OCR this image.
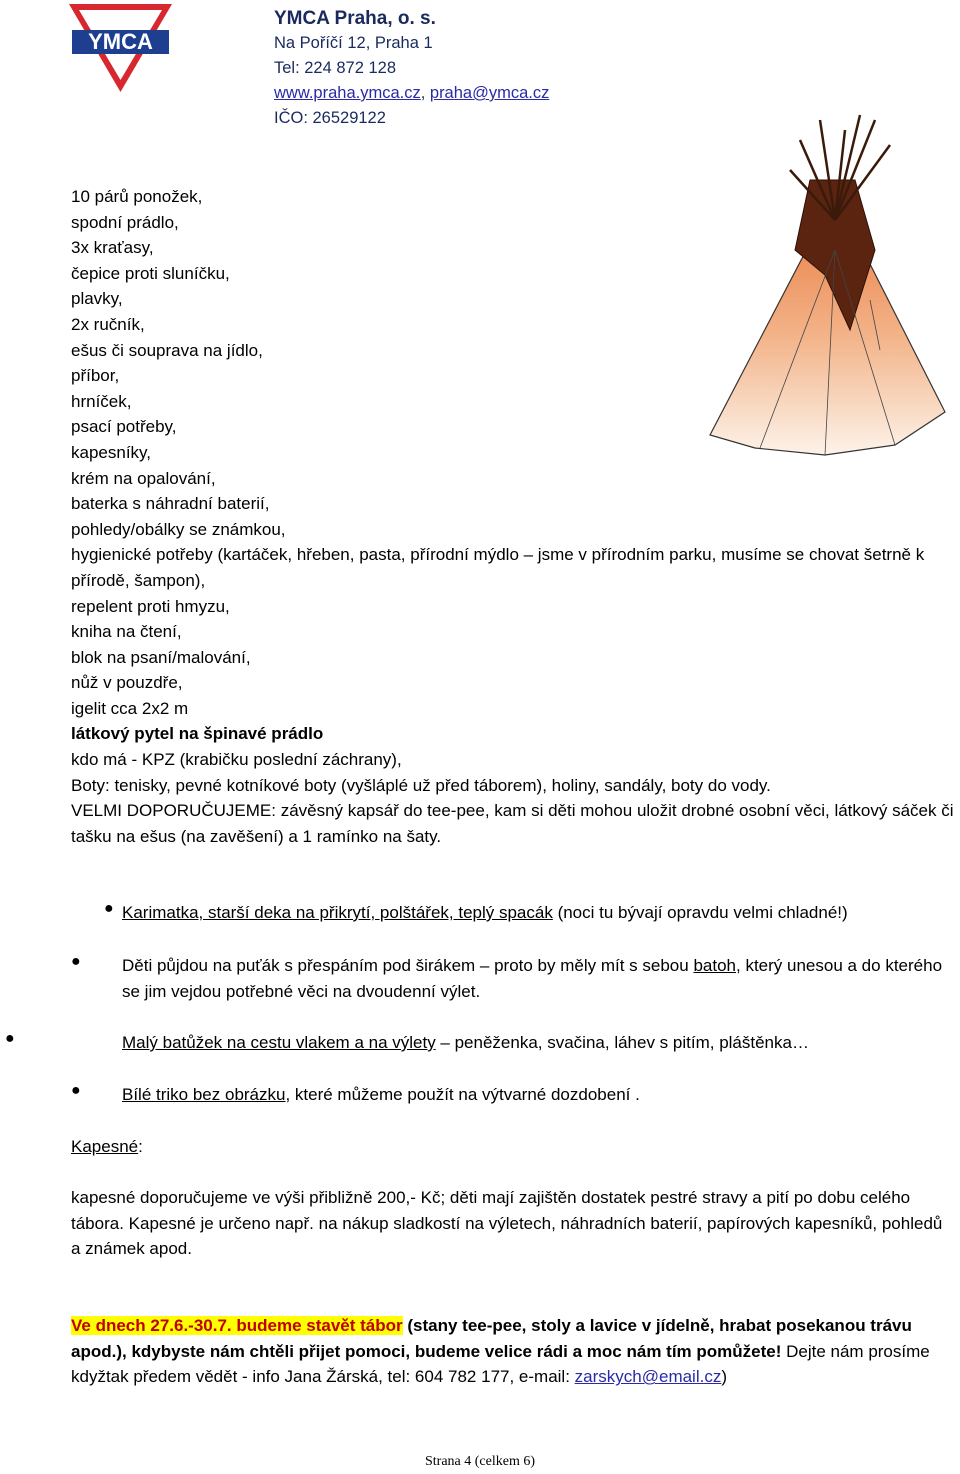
YMCA
YMCA Praha, o. s.
Na Poříčí 12, Praha 1
Tel: 224 872 128
www.praha.ymca.cz, praha@ymca.cz
IČO: 26529122
10 párů ponožek,
spodní prádlo,
3x kraťasy,
čepice proti sluníčku,
plavky,
2x ručník,
ešus či souprava na jídlo,
příbor,
hrníček,
psací potřeby,
kapesníky,
krém na opalování,
baterka s náhradní baterií,
pohledy/obálky se známkou,
hygienické potřeby (kartáček, hřeben, pasta, přírodní mýdlo – jsme v přírodním parku, musíme se chovat šetrně k přírodě, šampon),
repelent proti hmyzu,
kniha na čtení,
blok na psaní/malování,
nůž v pouzdře,
igelit cca 2x2 m
látkový pytel na špinavé prádlo
kdo má - KPZ (krabičku poslední záchrany),
Boty: tenisky, pevné kotníkové boty (vyšláplé už před táborem), holiny, sandály, boty do vody.
VELMI DOPORUČUJEME: závěsný kapsář do tee-pee, kam si děti mohou uložit drobné osobní věci, látkový sáček či tašku na ešus (na zavěšení) a 1 ramínko na šaty.
● Karimatka, starší deka na přikrytí, polštářek, teplý spacák (noci tu bývají opravdu velmi chladné!)
● Děti půjdou na puťák s přespáním pod širákem – proto by měly mít s sebou batoh, který unesou a do kterého se jim vejdou potřebné věci na dvoudenní výlet.
●	Malý batůžek na cestu vlakem a na výlety – peněženka, svačina, láhev s pitím, pláštěnka…
● Bílé triko bez obrázku, které můžeme použít na výtvarné dozdobení .
Kapesné:
kapesné doporučujeme ve výši přibližně 200,- Kč; děti mají zajištěn dostatek pestré stravy a pití po dobu celého tábora. Kapesné je určeno např. na nákup sladkostí na výletech, náhradních baterií, papírových kapesníků, pohledů a známek apod.
Ve dnech 27.6.-30.7. budeme stavět tábor (stany tee-pee, stoly a lavice v jídelně, hrabat posekanou trávu apod.), kdybyste nám chtěli přijet pomoci, budeme velice rádi a moc nám tím pomůžete! Dejte nám prosíme kdyžtak předem vědět - info Jana Žárská, tel: 604 782 177, e-mail: zarskych@email.cz)
Strana 4 (celkem 6)
